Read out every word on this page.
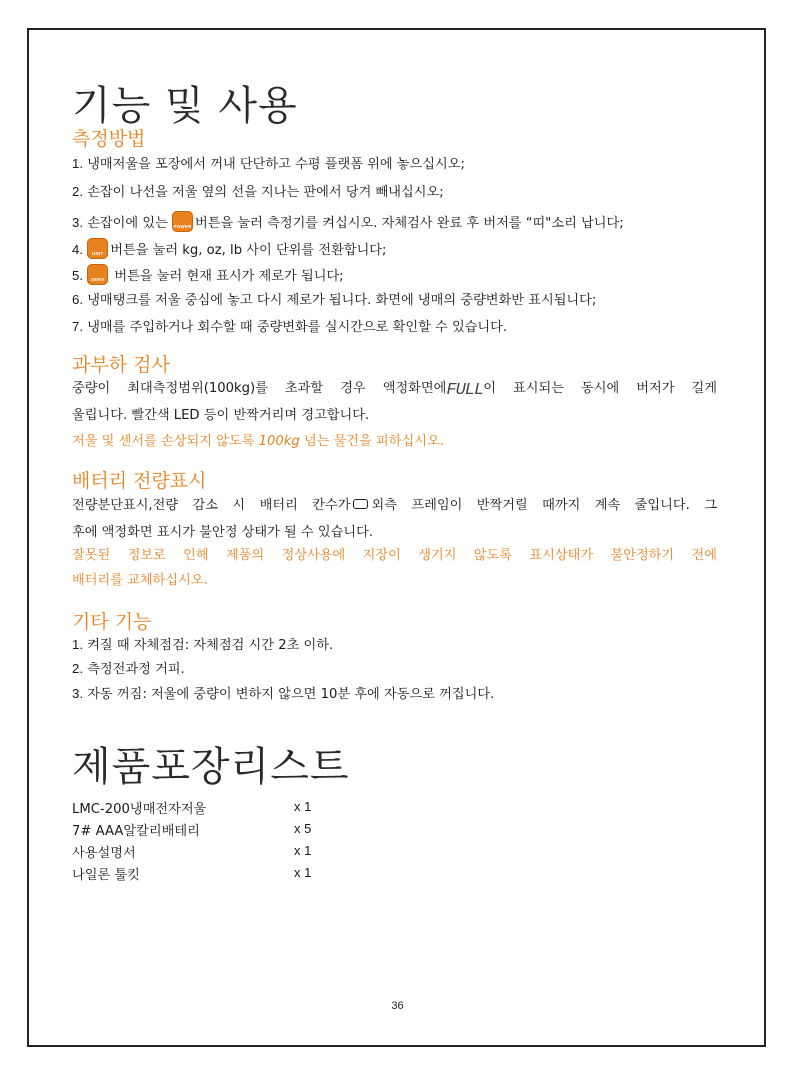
기능 및 사용
측정방법
1. 냉매저울을 포장에서 꺼내 단단하고 수평 플랫폼 위에 놓으십시오;
2. 손잡이 나선을 저울 옆의 선을 지나는 판에서 당겨 빼내십시오;
3. 손잡이에 있는 POWER 버튼을 눌러 측정기를 켜십시오. 자체검사 완료 후 버저를 “띠"소리 납니다;
4.	UNIT 버튼을 눌러 kg, oz, lb 사이 단위를 전환합니다;
5.	ZERO 버튼을 눌러 현재 표시가 제로가 됩니다;
6. 냉매탱크를 저울 중심에 놓고 다시 제로가 됩니다. 화면에 냉매의 중량변화반 표시됩니다;
7. 냉매를 주입하거나 회수할 때 중량변화를 실시간으로 확인할 수 있습니다.
과부하 검사
중량이 최대측정범위(100kg)를 초과할 경우 액정화면에FULL이 표시되는 동시에 버저가 길게
울립니다. 빨간색 LED 등이 반짝거리며 경고합니다.
저울 및 센서를 손상되지 않도록 100kg 넘는 물건을 피하십시오.
배터리 전량표시
전량분단표시,전량 감소 시 배터리 칸수가 외측 프레임이 반짝거릴 때까지 계속 줄입니다. 그
후에 액정화면 표시가 불안정 상태가 될 수 있습니다.
잘못된 정보로 인해 제품의 정상사용에 지장이 생기지 않도록 표시상태가 불안정하기 전에
배터리를 교체하십시오.
기타 기능
1. 켜질 때 자체점검: 자체점검 시간 2초 이하.
2. 측정전과정 거피.
3. 자동 꺼짐: 저울에 중량이 변하지 않으면 10분 후에 자동으로 꺼집니다.
제품포장리스트
LMC-200냉매전자저울	x 1
7# AAA알칼리배테리	x 5
사용설명서	x 1
나일론 툴킷	x 1
36
